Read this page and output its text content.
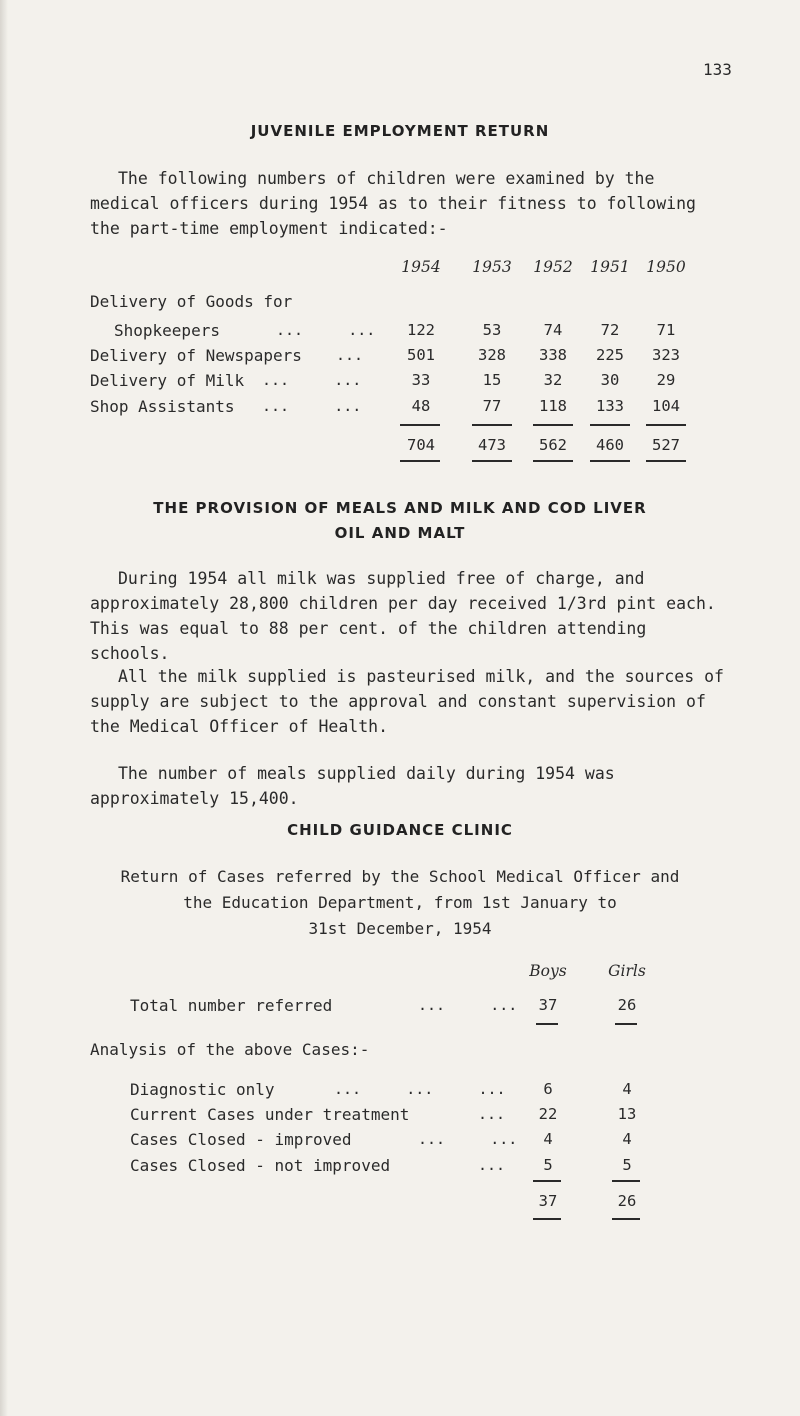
133
JUVENILE EMPLOYMENT RETURN
The following numbers of children were examined by the medical officers during 1954 as to their fitness to following the part-time employment indicated:-
1954	1953	1952	1951	1950
Delivery of Goods for
Shopkeepers	...     ...	122	53	74	72	71
Delivery of Newspapers ...	501	328	338	225	323
Delivery of Milk ...     ...	33	15	32	30	29
Shop Assistants ...     ...	48	77	118	133	104
704	473	562	460	527
THE PROVISION OF MEALS AND MILK AND COD LIVER
OIL AND MALT
During 1954 all milk was supplied free of charge, and approximately 28,800 children per day received 1/3rd pint each. This was equal to 88 per cent. of the children attending schools.
All the milk supplied is pasteurised milk, and the sources of supply are subject to the approval and constant supervision of the Medical Officer of Health.
The number of meals supplied daily during 1954 was approximately 15,400.
CHILD GUIDANCE CLINIC
Return of Cases referred by the School Medical Officer and
the Education Department, from 1st January to
31st December, 1954
Boys	Girls
Total number referred	...     ...	37	26
Analysis of the above Cases:-
Diagnostic only	...     ...     ...	6	4
Current Cases under treatment	...	22	13
Cases Closed - improved	...     ...	4	4
Cases Closed - not improved	...	5	5
37	26
